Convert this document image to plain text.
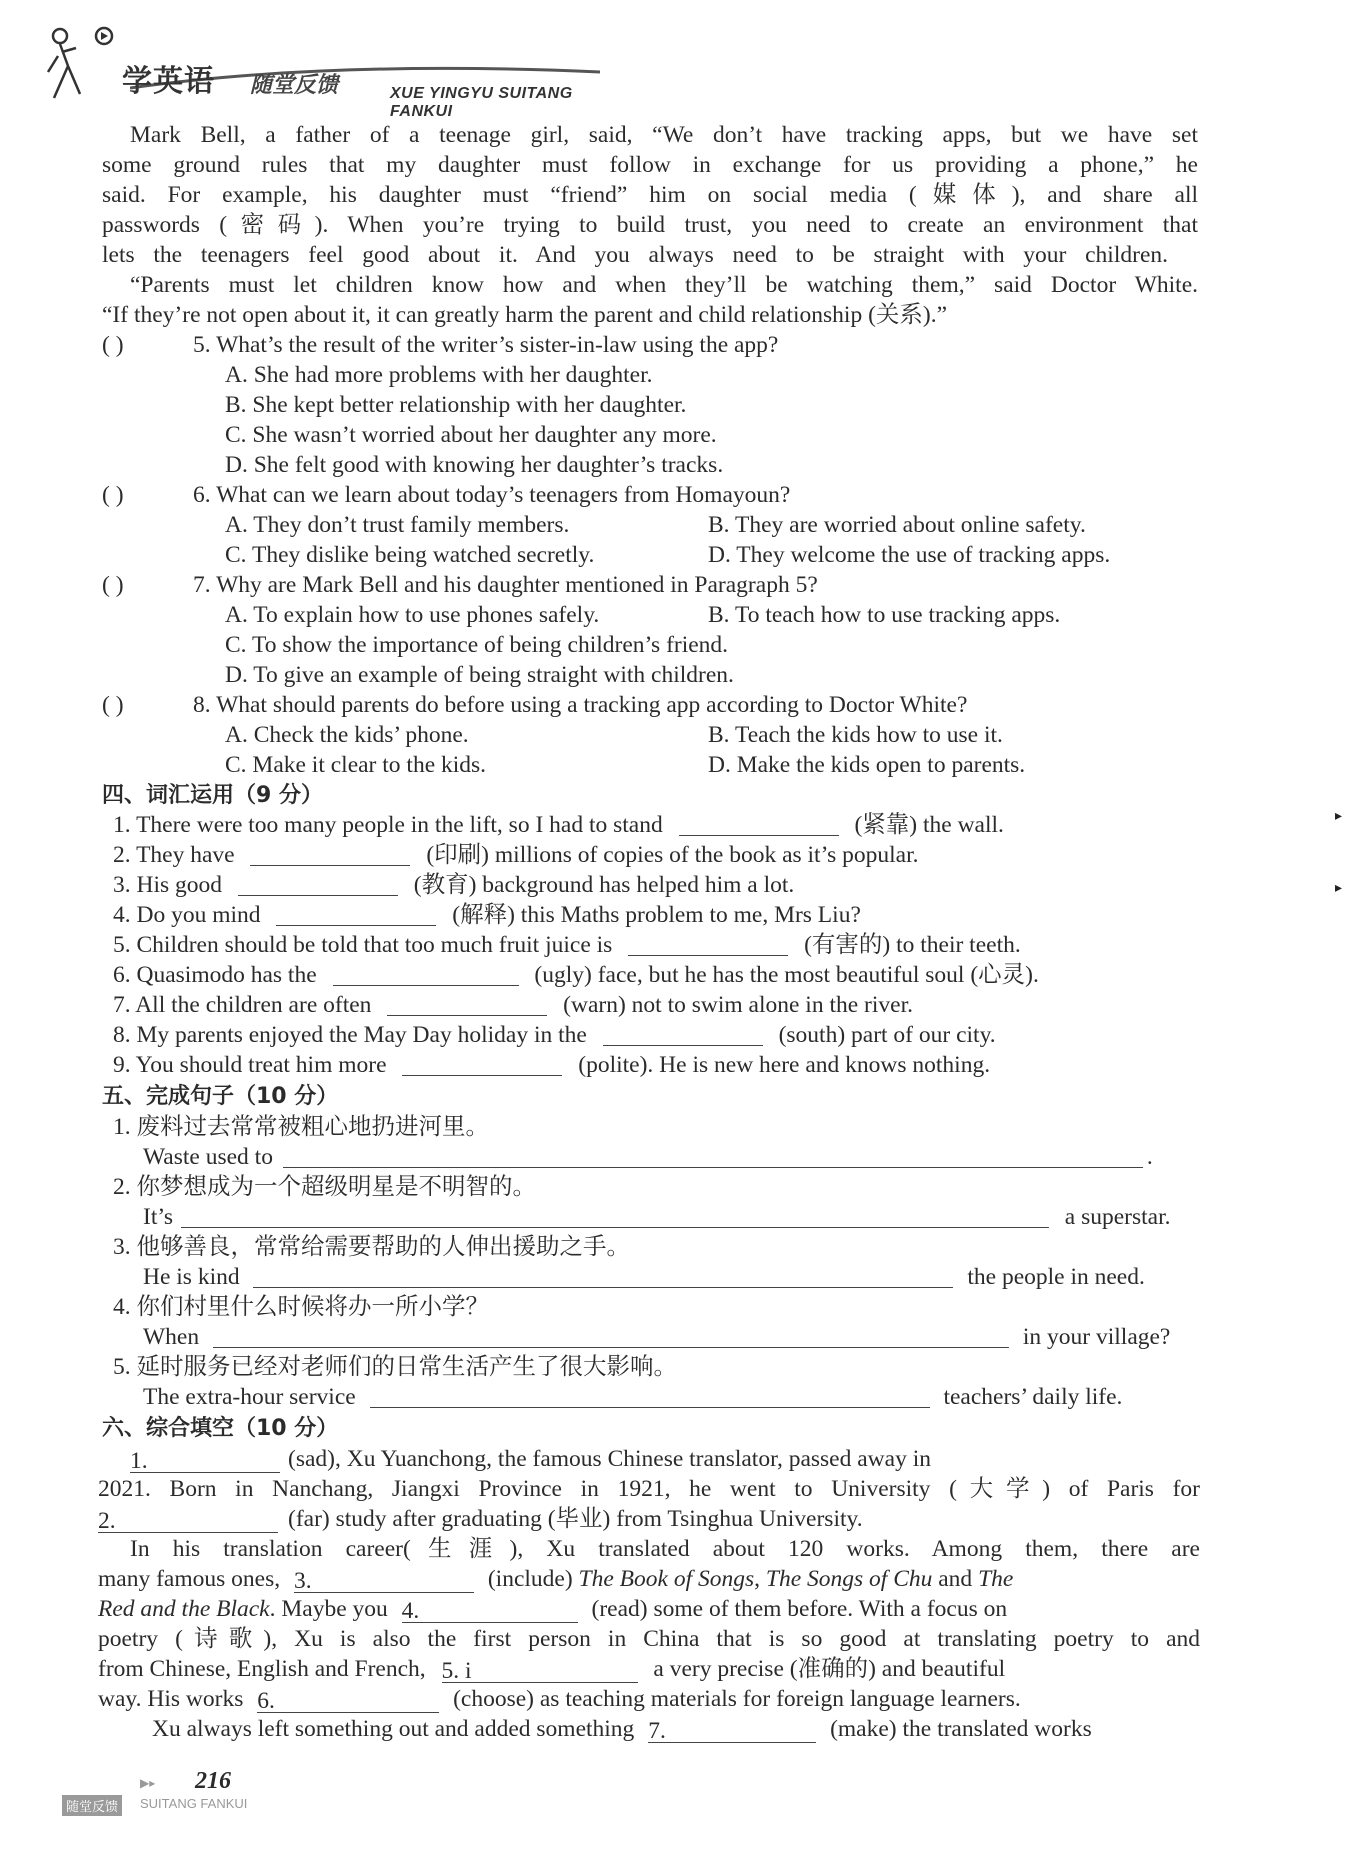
学英语 随堂反馈	XUE YINGYU SUITANG FANKUI
Mark Bell, a father of a teenage girl, said, “We don’t have tracking apps, but we have set
some ground rules that my daughter must follow in exchange for us providing a phone,” he
said. For example, his daughter must “friend” him on social media (媒体), and share all
passwords (密码). When you’re trying to build trust, you need to create an environment that
lets the teenagers feel good about it. And you always need to be straight with your children.
“Parents must let children know how and when they’ll be watching them,” said Doctor White.
“If they’re not open about it, it can greatly harm the parent and child relationship (关系).”
( )	5. What’s the result of the writer’s sister-in-law using the app?
A. She had more problems with her daughter.
B. She kept better relationship with her daughter.
C. She wasn’t worried about her daughter any more.
D. She felt good with knowing her daughter’s tracks.
( )	6. What can we learn about today’s teenagers from Homayoun?
A. They don’t trust family members.	B. They are worried about online safety.
C. They dislike being watched secretly.	D. They welcome the use of tracking apps.
( )	7. Why are Mark Bell and his daughter mentioned in Paragraph 5?
A. To explain how to use phones safely.	B. To teach how to use tracking apps.
C. To show the importance of being children’s friend.
D. To give an example of being straight with children.
( )	8. What should parents do before using a tracking app according to Doctor White?
A. Check the kids’ phone.	B. Teach the kids how to use it.
C. Make it clear to the kids.	D. Make the kids open to parents.
四、词汇运用（9 分）
1. There were too many people in the lift, so I had to stand	(紧靠) the wall.
2. They have	(印刷) millions of copies of the book as it’s popular.
3. His good	(教育) background has helped him a lot.
4. Do you mind	(解释) this Maths problem to me, Mrs Liu?
5. Children should be told that too much fruit juice is	(有害的) to their teeth.
6. Quasimodo has the	(ugly) face, but he has the most beautiful soul (心灵).
7. All the children are often	(warn) not to swim alone in the river.
8. My parents enjoyed the May Day holiday in the	(south) part of our city.
9. You should treat him more	(polite). He is new here and knows nothing.
五、完成句子（10 分）
1. 废料过去常常被粗心地扔进河里。
Waste used to	.
2. 你梦想成为一个超级明星是不明智的。
It’s	a superstar.
3. 他够善良，常常给需要帮助的人伸出援助之手。
He is kind	the people in need.
4. 你们村里什么时候将办一所小学？
When	in your village?
5. 延时服务已经对老师们的日常生活产生了很大影响。
The extra-hour service	teachers’ daily life.
六、综合填空（10 分）
1.	(sad), Xu Yuanchong, the famous Chinese translator, passed away in
2021. Born in Nanchang, Jiangxi Province in 1921, he went to University (大学) of Paris for
2.	(far) study after graduating (毕业) from Tsinghua University.
In his translation career(生涯), Xu translated about 120 works. Among them, there are
many famous ones, 3.	(include) The Book of Songs, The Songs of Chu and The
Red and the Black. Maybe you 4.	(read) some of them before. With a focus on
poetry (诗歌), Xu is also the first person in China that is so good at translating poetry to and
from Chinese, English and French, 5. i	a very precise (准确的) and beautiful
way. His works 6.	(choose) as teaching materials for foreign language learners.
Xu always left something out and added something 7.	(make) the translated works
▸
▸
▶▸ 216
随堂反馈	SUITANG FANKUI
